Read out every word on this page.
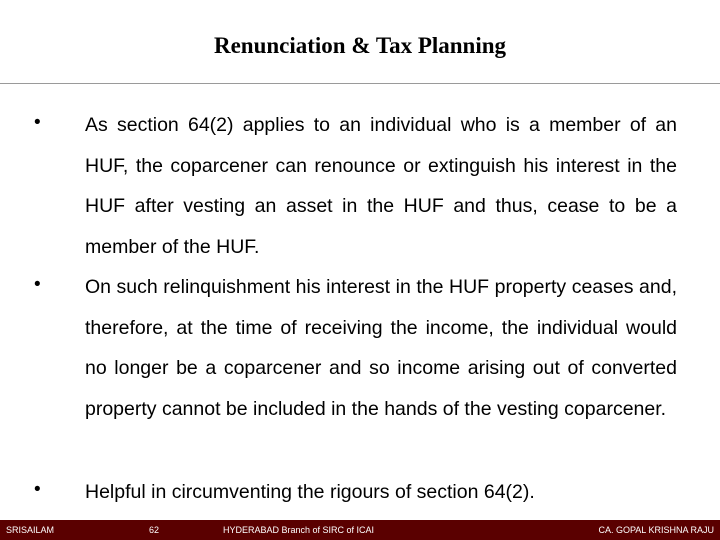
Renunciation & Tax Planning
• As section 64(2) applies to an individual who is a member of an HUF, the coparcener can renounce or extinguish his interest in the HUF after vesting an asset in the HUF and thus, cease to be a member of the HUF.
• On such relinquishment his interest in the HUF property ceases and, therefore, at the time of receiving the income, the individual would no longer be a coparcener and so income arising out of converted property cannot be included in the hands of the vesting coparcener.
• Helpful in circumventing the rigours of section 64(2).
SRISAILAM	62	HYDERABAD Branch of SIRC of ICAI	CA. GOPAL KRISHNA RAJU
